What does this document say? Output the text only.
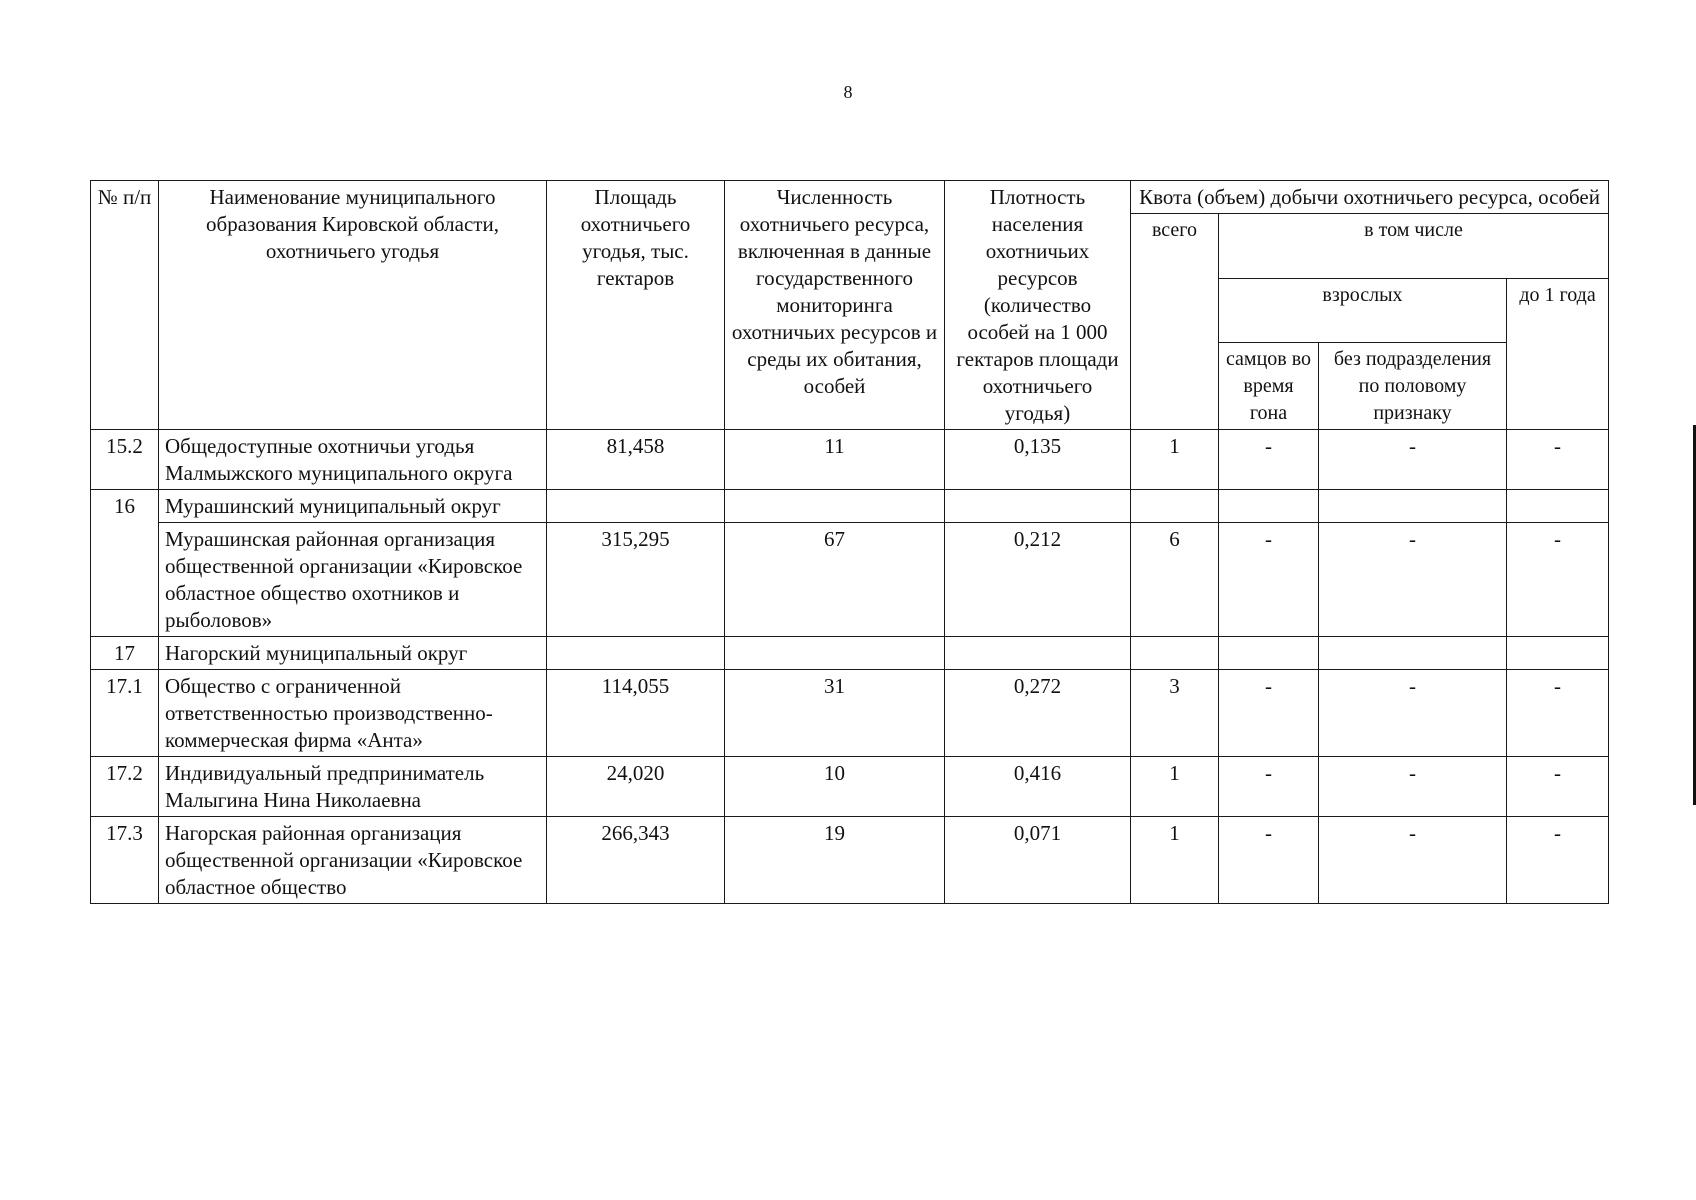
8
№ п/п	Наименование муниципального образования Кировской области, охотничьего угодья	Площадь охотничьего угодья, тыс. гектаров	Численность охотничьего ресурса, включенная в данные государственного мониторинга охотничьих ресурсов и среды их обитания, особей	Плотность населения охотничьих ресурсов (количество особей на 1 000 гектаров площади охотничьего угодья)	Квота (объем) добычи охотничьего ресурса, особей			
					всего	в том числе		
						взрослых		до 1 года
						самцов во время гона	без подразделения по половому признаку	
15.2	Общедоступные охотничьи угодья Малмыжского муниципального округа	81,458	11	0,135	1	-	-	-
16	Мурашинский муниципальный округ							
	Мурашинская районная организация общественной организации «Кировское областное общество охотников и рыболовов»	315,295	67	0,212	6	-	-	-
17	Нагорский муниципальный округ							
17.1	Общество с ограниченной ответственностью производственно-коммерческая фирма «Анта»	114,055	31	0,272	3	-	-	-
17.2	Индивидуальный предприниматель Малыгина Нина Николаевна	24,020	10	0,416	1	-	-	-
17.3	Нагорская районная организация общественной организации «Кировское областное общество	266,343	19	0,071	1	-	-	-
